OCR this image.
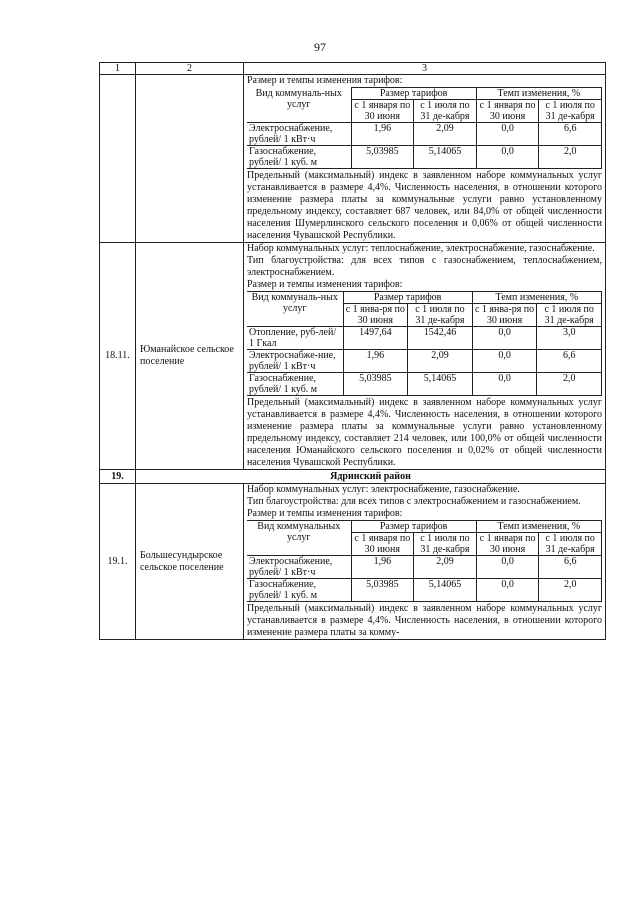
97
1	2	3

Размер и темпы изменения тарифов:
Вид коммуналь-ных услуг	Размер тарифов	Темп изменения, %
с 1 января по 30 июня	с 1 июля по 31 де-кабря	с 1 января по 30 июня	с 1 июля по 31 де-кабря
Электроснабжение, рублей/ 1 кВт·ч	1,96	2,09	0,0	6,6
Газоснабжение, рублей/ 1 куб. м	5,03985	5,14065	0,0	2,0
Предельный (максимальный) индекс в заявленном наборе коммунальных услуг устанавливается в размере 4,4%. Численность населения, в отношении которого изменение размера платы за коммунальные услуги равно установленному предельному индексу, составляет 687 человек, или 84,0% от общей численности населения Шумерлинского сельского поселения и 0,06% от общей численности населения Чувашской Республики.

18.11.	Юманайское сельское поселение	
Набор коммунальных услуг: теплоснабжение, электроснабжение, газоснабжение.
Тип благоустройства: для всех типов с газоснабжением, теплоснабжением, электроснабжением.
Размер и темпы изменения тарифов:
Вид коммуналь-ных услуг	Размер тарифов	Темп изменения, %
с 1 янва-ря по 30 июня	с 1 июля по 31 де-кабря	с 1 янва-ря по 30 июня	с 1 июля по 31 де-кабря
Отопление, руб-лей/ 1 Гкал	1497,64	1542,46	0,0	3,0
Электроснабже-ние, рублей/ 1 кВт·ч	1,96	2,09	0,0	6,6
Газоснабжение, рублей/ 1 куб. м	5,03985	5,14065	0,0	2,0
Предельный (максимальный) индекс в заявленном наборе коммунальных услуг устанавливается в размере 4,4%. Численность населения, в отношении которого изменение размера платы за коммунальные услуги равно установленному предельному индексу, составляет 214 человек, или 100,0% от общей численности населения Юманайского сельского поселения и 0,02% от общей численности населения Чувашской Республики.

19.	Ядринский район
19.1.	Большесундырское сельское поселение	
Набор коммунальных услуг: электроснабжение, газоснабжение.
Тип благоустройства: для всех типов с электроснабжением и газоснабжением.
Размер и темпы изменения тарифов:
Вид коммунальных услуг	Размер тарифов	Темп изменения, %
с 1 января по 30 июня	с 1 июля по 31 де-кабря	с 1 января по 30 июня	с 1 июля по 31 де-кабря
Электроснабжение, рублей/ 1 кВт·ч	1,96	2,09	0,0	6,6
Газоснабжение, рублей/ 1 куб. м	5,03985	5,14065	0,0	2,0
Предельный (максимальный) индекс в заявленном наборе коммунальных услуг устанавливается в размере 4,4%. Численность населения, в отношении которого изменение размера платы за комму-
